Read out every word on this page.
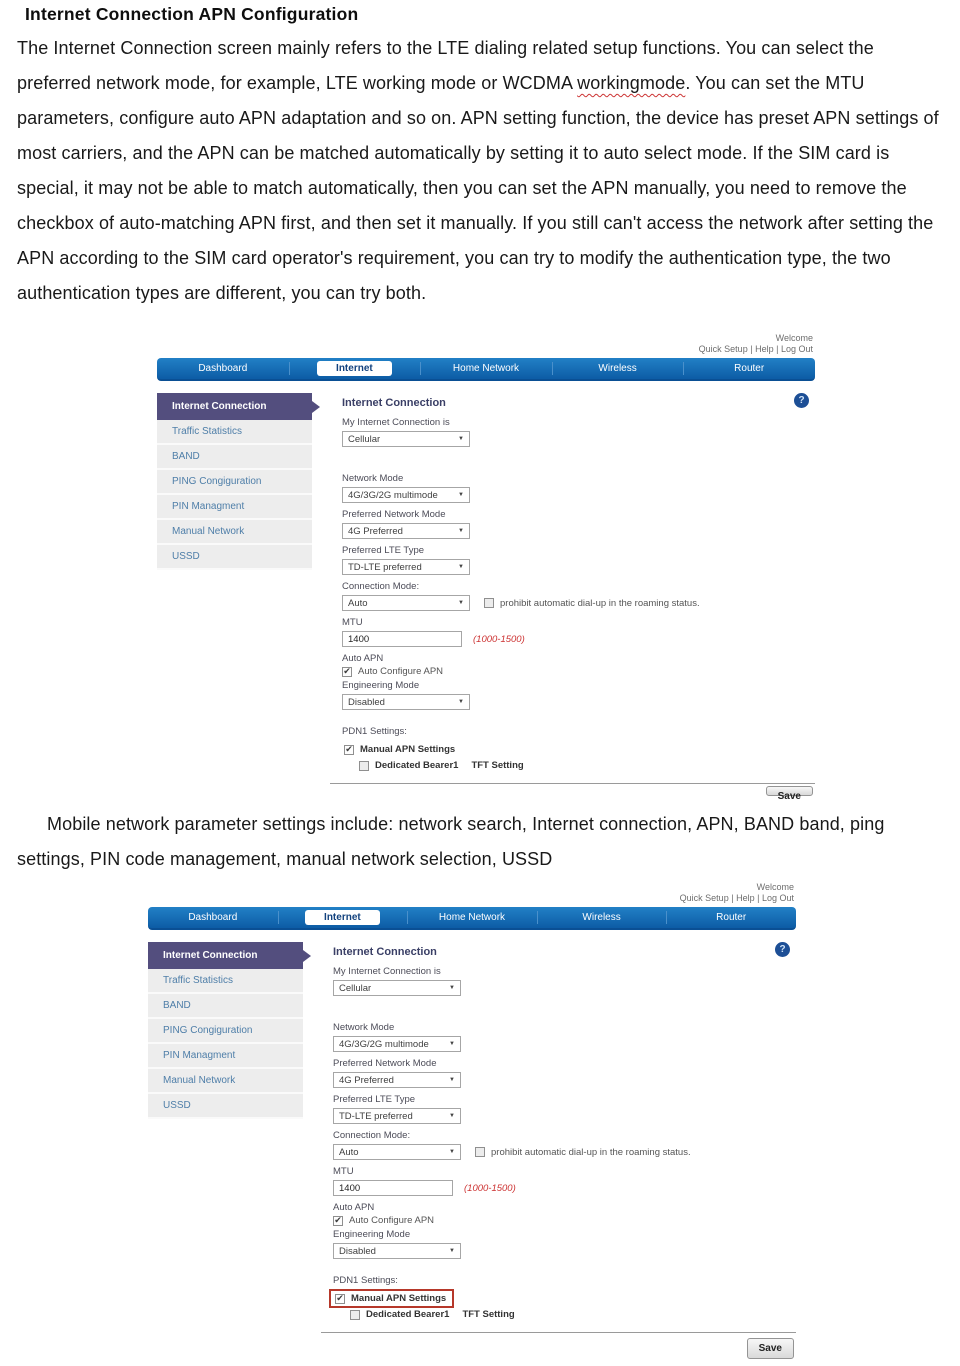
Internet Connection APN Configuration

The Internet Connection screen mainly refers to the LTE dialing related setup functions. You can select the preferred network mode, for example, LTE working mode or WCDMA workingmode. You can set the MTU parameters, configure auto APN adaptation and so on. APN setting function, the device has preset APN settings of most carriers, and the APN can be matched automatically by setting it to auto select mode. If the SIM card is special, it may not be able to match automatically, then you can set the APN manually, you need to remove the checkbox of auto-matching APN first, and then set it manually. If you still can't access the network after setting the APN according to the SIM card operator's requirement, you can try to modify the authentication type, the two authentication types are different, you can try both.

Welcome
Quick Setup | Help | Log Out
Dashboard	Internet	Home Network	Wireless	Router
Internet Connection
Traffic Statistics
BAND
PING Congiguration
PIN Managment
Manual Network
USSD
?
Internet Connection
My Internet Connection is
Cellular	▼
Network Mode
4G/3G/2G multimode	▼
Preferred Network Mode
4G Preferred	▼
Preferred LTE Type
TD-LTE preferred	▼
Connection Mode:
Auto	▼	prohibit automatic dial-up in the roaming status.
MTU
1400	(1000-1500)
Auto APN
✔ Auto Configure APN
Engineering Mode
Disabled	▼
PDN1 Settings:
✔ Manual APN Settings
Dedicated Bearer1 TFT Setting
Save

Mobile network parameter settings include: network search, Internet connection, APN, BAND band, ping settings, PIN code management, manual network selection, USSD

Welcome
Quick Setup | Help | Log Out
Dashboard	Internet	Home Network	Wireless	Router
Internet Connection
Traffic Statistics
BAND
PING Congiguration
PIN Managment
Manual Network
USSD
?
Internet Connection
My Internet Connection is
Cellular	▼
Network Mode
4G/3G/2G multimode	▼
Preferred Network Mode
4G Preferred	▼
Preferred LTE Type
TD-LTE preferred	▼
Connection Mode:
Auto	▼	prohibit automatic dial-up in the roaming status.
MTU
1400	(1000-1500)
Auto APN
✔ Auto Configure APN
Engineering Mode
Disabled	▼
PDN1 Settings:
✔ Manual APN Settings
Dedicated Bearer1 TFT Setting
Save
